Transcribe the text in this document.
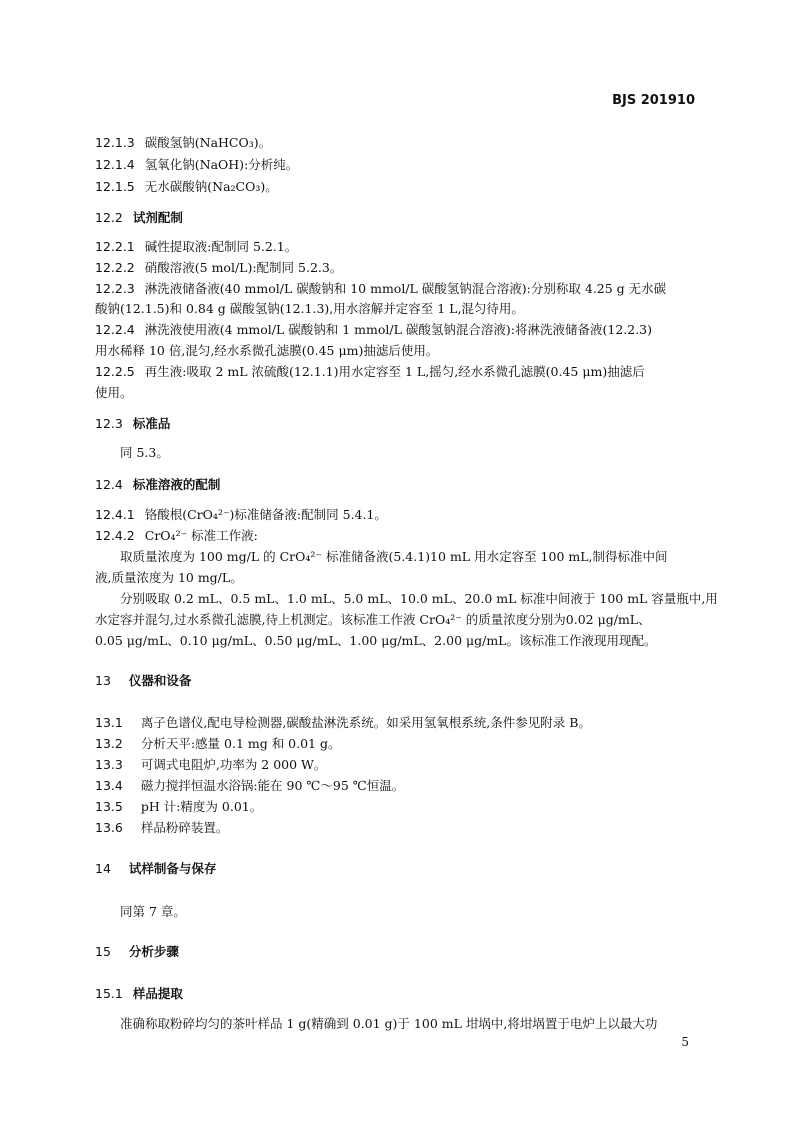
BJS 201910
12.1.3 碳酸氢钠(NaHCO₃)。
12.1.4 氢氧化钠(NaOH):分析纯。
12.1.5 无水碳酸钠(Na₂CO₃)。
12.2 试剂配制
12.2.1 碱性提取液:配制同 5.2.1。
12.2.2 硝酸溶液(5 mol/L):配制同 5.2.3。
12.2.3 淋洗液储备液(40 mmol/L 碳酸钠和 10 mmol/L 碳酸氢钠混合溶液):分别称取 4.25 g 无水碳
酸钠(12.1.5)和 0.84 g 碳酸氢钠(12.1.3),用水溶解并定容至 1 L,混匀待用。
12.2.4 淋洗液使用液(4 mmol/L 碳酸钠和 1 mmol/L 碳酸氢钠混合溶液):将淋洗液储备液(12.2.3)
用水稀释 10 倍,混匀,经水系微孔滤膜(0.45 μm)抽滤后使用。
12.2.5 再生液:吸取 2 mL 浓硫酸(12.1.1)用水定容至 1 L,摇匀,经水系微孔滤膜(0.45 μm)抽滤后
使用。
12.3 标准品
同 5.3。
12.4 标准溶液的配制
12.4.1 铬酸根(CrO₄²⁻)标准储备液:配制同 5.4.1。
12.4.2 CrO₄²⁻ 标准工作液:
取质量浓度为 100 mg/L 的 CrO₄²⁻ 标准储备液(5.4.1)10 mL 用水定容至 100 mL,制得标准中间
液,质量浓度为 10 mg/L。
分别吸取 0.2 mL、0.5 mL、1.0 mL、5.0 mL、10.0 mL、20.0 mL 标准中间液于 100 mL 容量瓶中,用
水定容并混匀,过水系微孔滤膜,待上机测定。该标准工作液 CrO₄²⁻ 的质量浓度分别为0.02 μg/mL、
0.05 μg/mL、0.10 μg/mL、0.50 μg/mL、1.00 μg/mL、2.00 μg/mL。该标准工作液现用现配。
13 仪器和设备
13.1 离子色谱仪,配电导检测器,碳酸盐淋洗系统。如采用氢氧根系统,条件参见附录 B。
13.2 分析天平:感量 0.1 mg 和 0.01 g。
13.3 可调式电阻炉,功率为 2 000 W。
13.4 磁力搅拌恒温水浴锅:能在 90 ℃～95 ℃恒温。
13.5 pH 计:精度为 0.01。
13.6 样品粉碎装置。
14 试样制备与保存
同第 7 章。
15 分析步骤
15.1 样品提取
准确称取粉碎均匀的茶叶样品 1 g(精确到 0.01 g)于 100 mL 坩埚中,将坩埚置于电炉上以最大功
5
